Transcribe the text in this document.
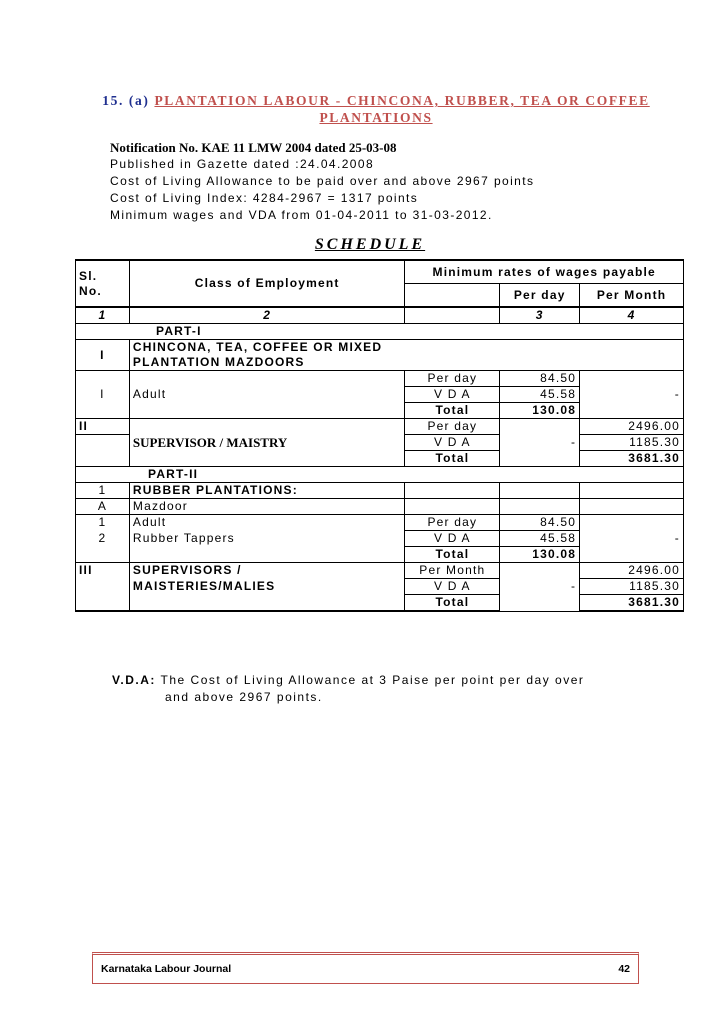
15. (a) PLANTATION LABOUR - CHINCONA, RUBBER, TEA OR COFFEE
PLANTATIONS
Notification No. KAE 11 LMW 2004 dated 25-03-08
Published in Gazette dated :24.04.2008
Cost of Living Allowance to be paid over and above 2967 points
Cost of Living Index: 4284-2967 = 1317 points
Minimum wages and VDA from 01-04-2011 to 31-03-2012.
SCHEDULE
Sl.
No.	Class of Employment	Minimum rates of wages payable		
			Per day	Per Month
1	2		3	4
PART-I				
I	CHINCONA, TEA, COFFEE OR MIXED
PLANTATION MAZDOORS			

I	Adult	Per day	84.50	-
		V D A	45.58	
		Total	130.08	
II	SUPERVISOR / MAISTRY	Per day	-	2496.00
		V D A		1185.30
		Total		3681.30
PART-II				
1	RUBBER PLANTATIONS:			
A	Mazdoor			
1	Adult	Per day	84.50	-
2	Rubber Tappers	V D A	45.58	
		Total	130.08	
III	SUPERVISORS /	Per Month	-	2496.00
	MAISTERIES/MALIES	V D A		1185.30
		Total		3681.30
V.D.A: The Cost of Living Allowance at 3 Paise per point per day over
and above 2967 points.
Karnataka Labour Journal	42
